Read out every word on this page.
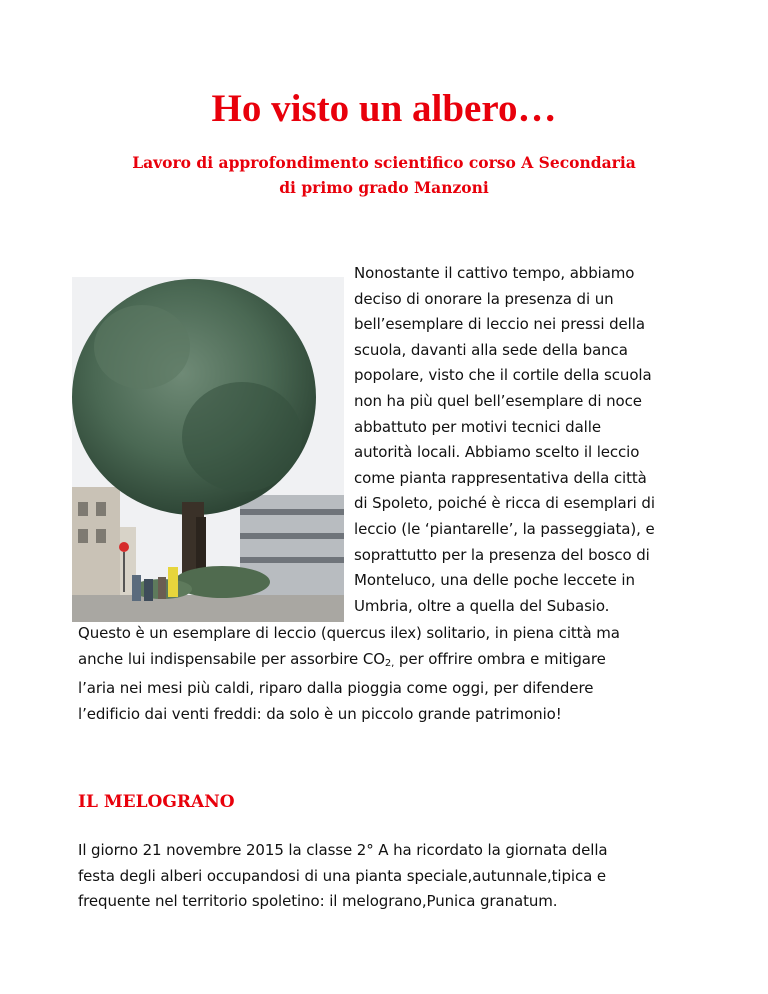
Ho visto un albero…
Lavoro di approfondimento scientifico corso A Secondaria
di primo grado Manzoni
Nonostante il cattivo tempo, abbiamo
deciso di onorare la presenza di un
bell’esemplare di leccio nei pressi della
scuola, davanti alla sede della banca
popolare, visto che il cortile della scuola
non ha più quel bell’esemplare di noce
abbattuto per motivi tecnici dalle
autorità locali. Abbiamo scelto il leccio
come pianta rappresentativa della città
di Spoleto, poiché è ricca di esemplari di
leccio (le ‘piantarelle’, la passeggiata), e
soprattutto per la presenza del bosco di
Monteluco, una delle poche leccete in
Umbria, oltre a quella del Subasio.
Questo è un esemplare di leccio (quercus ilex) solitario, in piena città ma
anche lui indispensabile per assorbire $CO_{2,}$ per offrire ombra e mitigare
l’aria nei mesi più caldi, riparo dalla pioggia come oggi, per difendere
l’edificio dai venti freddi: da solo è un piccolo grande patrimonio!
IL MELOGRANO
Il giorno 21 novembre 2015 la classe 2° A ha ricordato la giornata della
festa degli alberi occupandosi di una pianta speciale,autunnale,tipica e
frequente nel territorio spoletino: il melograno,Punica granatum.
